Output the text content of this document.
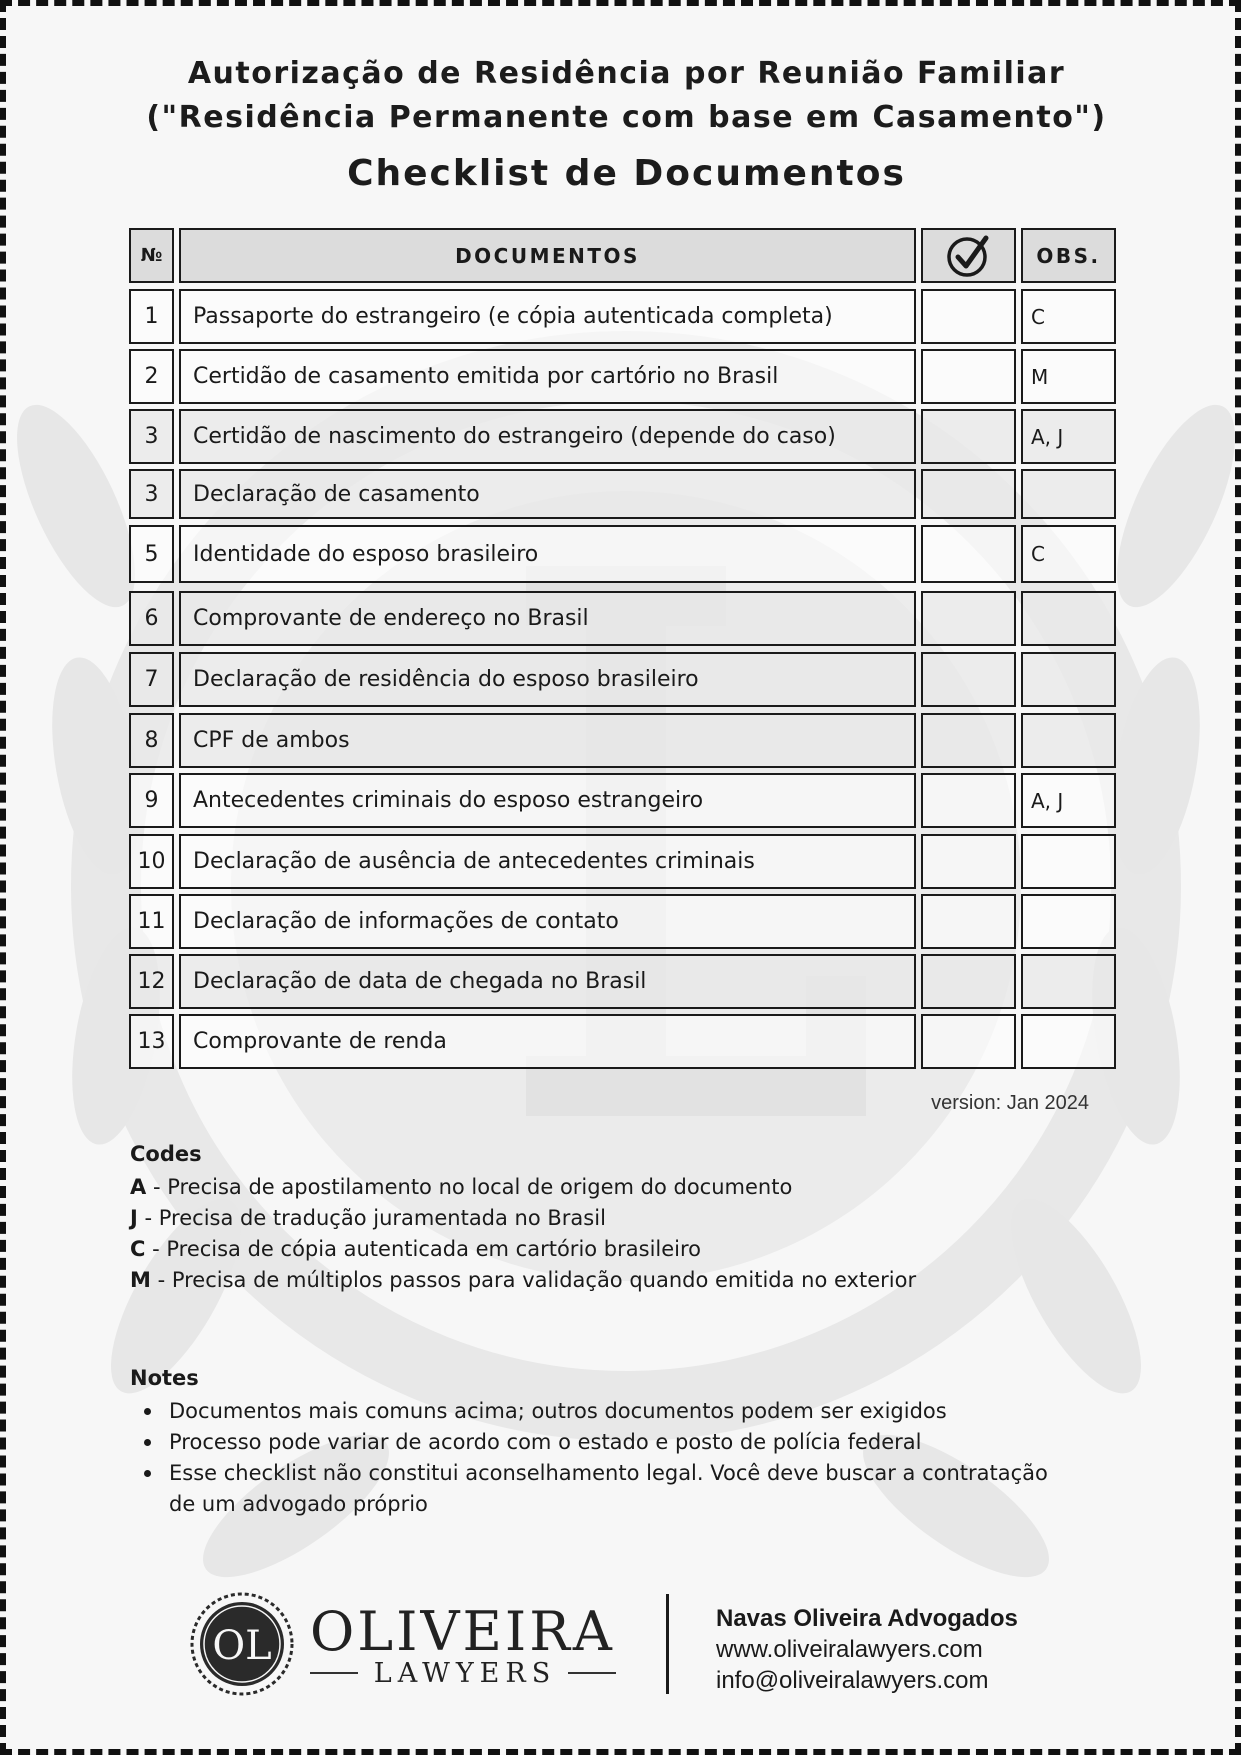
Autorização de Residência por Reunião Familiar
("Residência Permanente com base em Casamento")
Checklist de Documentos
№	DOCUMENTOS	OBS.
1	Passaporte do estrangeiro (e cópia autenticada completa)	C
2	Certidão de casamento emitida por cartório no Brasil	M
3	Certidão de nascimento do estrangeiro (depende do caso)	A, J
3	Declaração de casamento
5	Identidade do esposo brasileiro	C
6	Comprovante de endereço no Brasil
7	Declaração de residência do esposo brasileiro
8	CPF de ambos
9	Antecedentes criminais do esposo estrangeiro	A, J
10	Declaração de ausência de antecedentes criminais
11	Declaração de informações de contato
12	Declaração de data de chegada no Brasil
13	Comprovante de renda
version: Jan 2024
Codes
A - Precisa de apostilamento no local de origem do documento
J - Precisa de tradução juramentada no Brasil
C - Precisa de cópia autenticada em cartório brasileiro
M - Precisa de múltiplos passos para validação quando emitida no exterior
Notes
Documentos mais comuns acima; outros documentos podem ser exigidos
Processo pode variar de acordo com o estado e posto de polícia federal
Esse checklist não constitui aconselhamento legal. Você deve buscar a contratação de um advogado próprio
OL OLIVEIRA
LAWYERS
Navas Oliveira Advogados
www.oliveiralawyers.com
info@oliveiralawyers.com
